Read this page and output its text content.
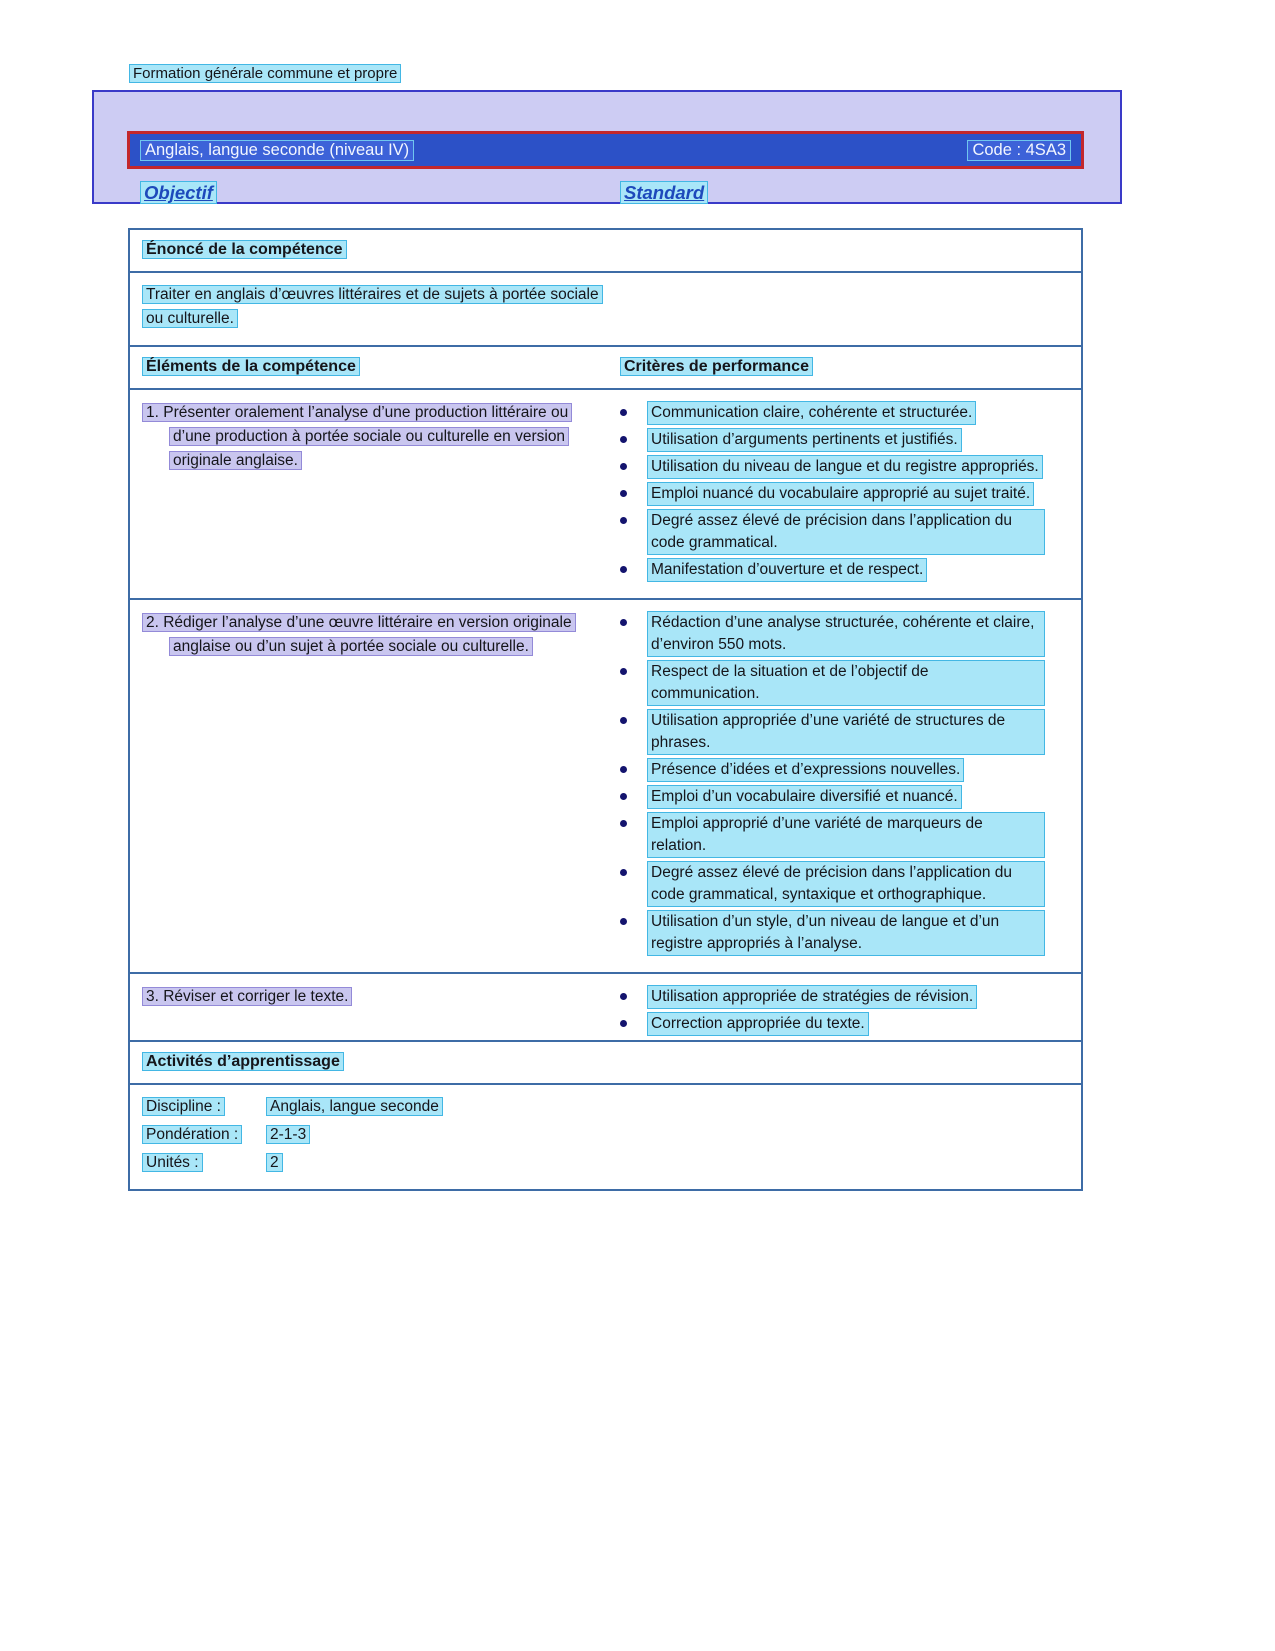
Formation générale commune et propre
Anglais, langue seconde (niveau IV)	Code : 4SA3
Objectif	Standard
Énoncé de la compétence
Traiter en anglais d’œuvres littéraires et de sujets à portée sociale ou culturelle.
Éléments de la compétence	Critères de performance
1. Présenter oralement l’analyse d’une production littéraire ou d’une production à portée sociale ou culturelle en version originale anglaise.
Communication claire, cohérente et structurée.
Utilisation d’arguments pertinents et justifiés.
Utilisation du niveau de langue et du registre appropriés.
Emploi nuancé du vocabulaire approprié au sujet traité.
Degré assez élevé de précision dans l’application du code grammatical.
Manifestation d’ouverture et de respect.
2. Rédiger l’analyse d’une œuvre littéraire en version originale anglaise ou d’un sujet à portée sociale ou culturelle.
Rédaction d’une analyse structurée, cohérente et claire, d’environ 550 mots.
Respect de la situation et de l’objectif de communication.
Utilisation appropriée d’une variété de structures de phrases.
Présence d’idées et d’expressions nouvelles.
Emploi d’un vocabulaire diversifié et nuancé.
Emploi approprié d’une variété de marqueurs de relation.
Degré assez élevé de précision dans l’application du code grammatical, syntaxique et orthographique.
Utilisation d’un style, d’un niveau de langue et d’un registre appropriés à l’analyse.
3. Réviser et corriger le texte.	Utilisation appropriée de stratégies de révision.
Correction appropriée du texte.
Activités d’apprentissage
Discipline :	Anglais, langue seconde
Pondération :	2-1-3
Unités :	2
